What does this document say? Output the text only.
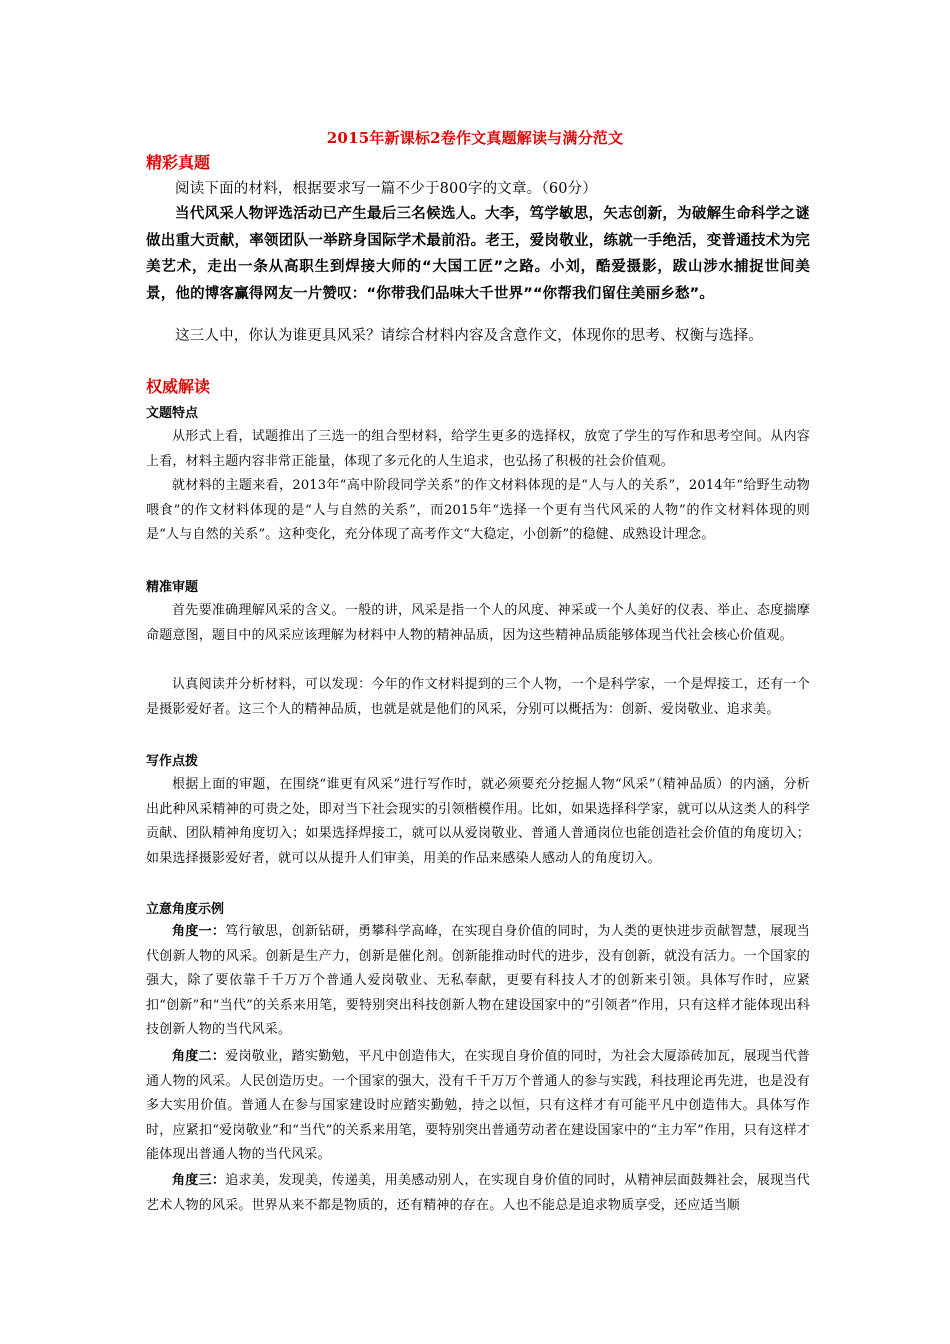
2015年新课标2卷作文真题解读与满分范文
精彩真题
阅读下面的材料，根据要求写一篇不少于800字的文章。（60分）
当代风采人物评选活动已产生最后三名候选人。大李，笃学敏思，矢志创新，为破解生命科学之谜做出重大贡献，率领团队一举跻身国际学术最前沿。老王，爱岗敬业，练就一手绝活，变普通技术为完美艺术，走出一条从高职生到焊接大师的“大国工匠”之路。小刘，酷爱摄影，跋山涉水捕捉世间美景，他的博客赢得网友一片赞叹：“你带我们品味大千世界”“你帮我们留住美丽乡愁”。
这三人中，你认为谁更具风采？请综合材料内容及含意作文，体现你的思考、权衡与选择。
权威解读
文题特点
从形式上看，试题推出了三选一的组合型材料，给学生更多的选择权，放宽了学生的写作和思考空间。从内容上看，材料主题内容非常正能量，体现了多元化的人生追求，也弘扬了积极的社会价值观。
就材料的主题来看，2013年“高中阶段同学关系”的作文材料体现的是“人与人的关系”，2014年“给野生动物喂食”的作文材料体现的是“人与自然的关系”，而2015年“选择一个更有当代风采的人物”的作文材料体现的则是“人与自然的关系”。这种变化，充分体现了高考作文“大稳定，小创新”的稳健、成熟设计理念。
精准审题
首先要准确理解风采的含义。一般的讲，风采是指一个人的风度、神采或一个人美好的仪表、举止、态度揣摩命题意图，题目中的风采应该理解为材料中人物的精神品质，因为这些精神品质能够体现当代社会核心价值观。
认真阅读并分析材料，可以发现：今年的作文材料提到的三个人物，一个是科学家，一个是焊接工，还有一个是摄影爱好者。这三个人的精神品质，也就是就是他们的风采，分别可以概括为：创新、爱岗敬业、追求美。
写作点拨
根据上面的审题，在围绕“谁更有风采”进行写作时，就必须要充分挖掘人物“风采”（精神品质）的内涵，分析出此种风采精神的可贵之处，即对当下社会现实的引领楷模作用。比如，如果选择科学家，就可以从这类人的科学贡献、团队精神角度切入；如果选择焊接工，就可以从爱岗敬业、普通人普通岗位也能创造社会价值的角度切入；如果选择摄影爱好者，就可以从提升人们审美，用美的作品来感染人感动人的角度切入。
立意角度示例
角度一：笃行敏思，创新钻研，勇攀科学高峰，在实现自身价值的同时，为人类的更快进步贡献智慧，展现当代创新人物的风采。创新是生产力，创新是催化剂。创新能推动时代的进步，没有创新，就没有活力。一个国家的强大，除了要依靠千千万万个普通人爱岗敬业、无私奉献，更要有科技人才的创新来引领。具体写作时，应紧扣“创新”和“当代”的关系来用笔，要特别突出科技创新人物在建设国家中的“引领者”作用，只有这样才能体现出科技创新人物的当代风采。
角度二：爱岗敬业，踏实勤勉，平凡中创造伟大，在实现自身价值的同时，为社会大厦添砖加瓦，展现当代普通人物的风采。人民创造历史。一个国家的强大，没有千千万万个普通人的参与实践，科技理论再先进，也是没有多大实用价值。普通人在参与国家建设时应踏实勤勉，持之以恒，只有这样才有可能平凡中创造伟大。具体写作时，应紧扣“爱岗敬业”和“当代”的关系来用笔，要特别突出普通劳动者在建设国家中的“主力军”作用，只有这样才能体现出普通人物的当代风采。
角度三：追求美，发现美，传递美，用美感动别人，在实现自身价值的同时，从精神层面鼓舞社会，展现当代艺术人物的风采。世界从来不都是物质的，还有精神的存在。人也不能总是追求物质享受，还应适当顺
